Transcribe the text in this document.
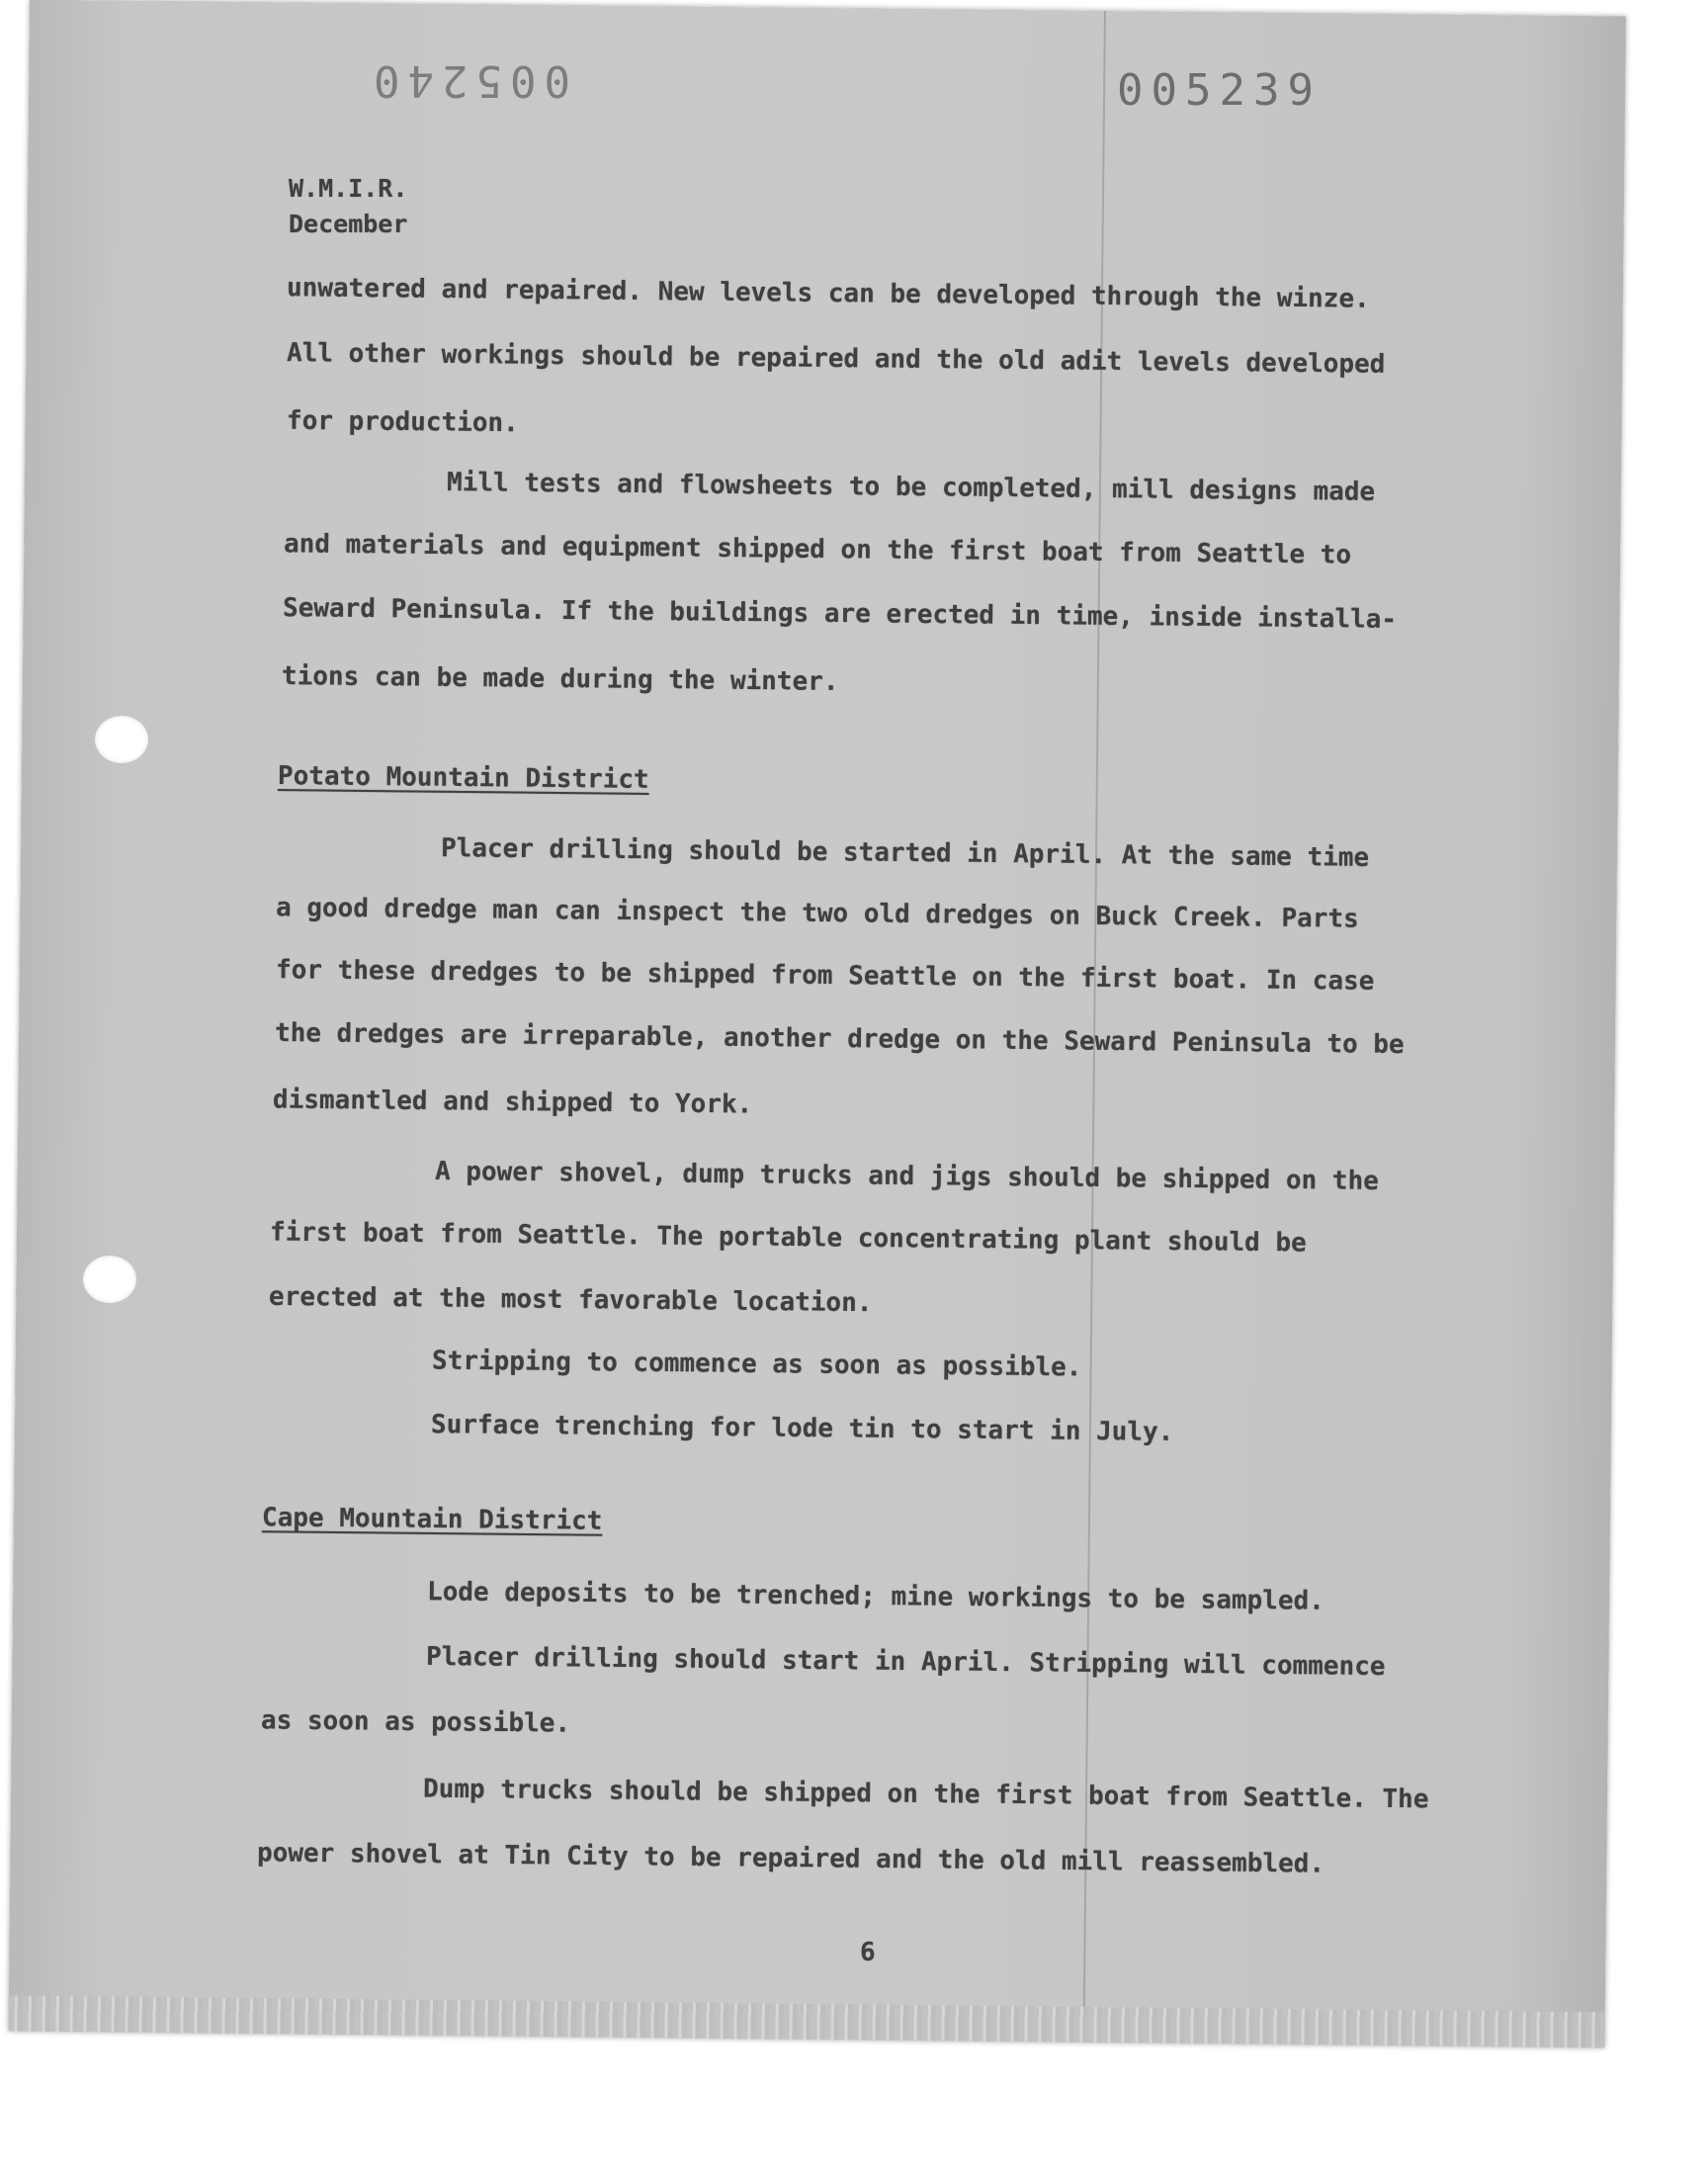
005240	005239
W.M.I.R.
December
unwatered and repaired. New levels can be developed through the winze.
All other workings should be repaired and the old adit levels developed
for production.
Mill tests and flowsheets to be completed, mill designs made
and materials and equipment shipped on the first boat from Seattle to
Seward Peninsula. If the buildings are erected in time, inside installa-
tions can be made during the winter.
Potato Mountain District
Placer drilling should be started in April. At the same time
a good dredge man can inspect the two old dredges on Buck Creek. Parts
for these dredges to be shipped from Seattle on the first boat. In case
the dredges are irreparable, another dredge on the Seward Peninsula to be
dismantled and shipped to York.
A power shovel, dump trucks and jigs should be shipped on the
first boat from Seattle. The portable concentrating plant should be
erected at the most favorable location.
Stripping to commence as soon as possible.
Surface trenching for lode tin to start in July.
Cape Mountain District
Lode deposits to be trenched; mine workings to be sampled.
Placer drilling should start in April. Stripping will commence
as soon as possible.
Dump trucks should be shipped on the first boat from Seattle. The
power shovel at Tin City to be repaired and the old mill reassembled.
6
